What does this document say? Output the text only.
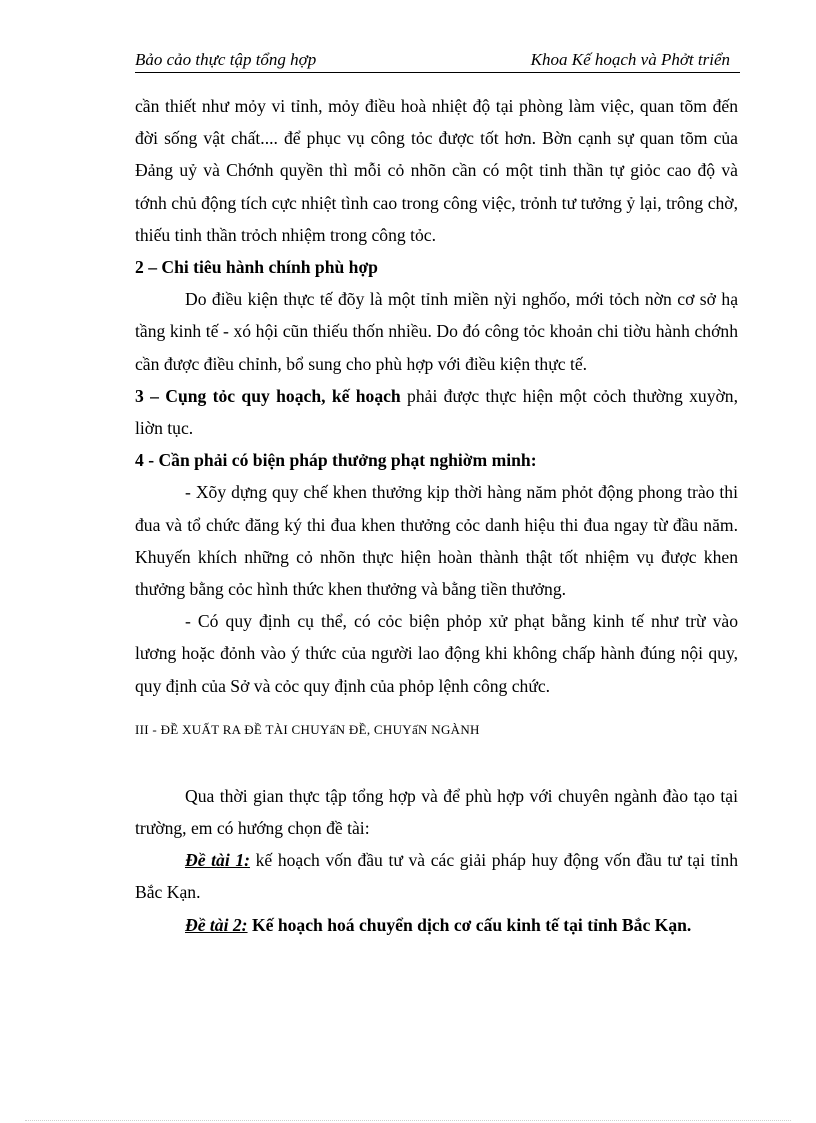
Bảo cảo thực tập tổng hợp	Khoa Kế hoạch và Phởt triển

cần thiết như mỏy vi tỉnh, mỏy điều hoà nhiệt độ tại phòng làm việc, quan tõm đến đời sống vật chất.... để phục vụ công tỏc được tốt hơn. Bờn cạnh sự quan tõm của Đảng uỷ và Chớnh quyền thì mỗi cỏ nhõn cần có một tinh thần tự giỏc cao độ và tớnh chủ động tích cực nhiệt tình cao trong công việc, trỏnh tư tưởng ỷ lại, trông chờ, thiếu tinh thần trỏch nhiệm trong công tỏc.

2 – Chi tiêu hành chính phù hợp

Do điều kiện thực tế đõy là một tỉnh miền nỳi nghốo, mới tỏch nờn cơ sở hạ tầng kinh tế - xó hội cũn thiếu thốn nhiều. Do đó công tỏc khoản chi tiờu hành chớnh cần được điều chỉnh, bổ sung cho phù hợp với điều kiện thực tế.

3 – Cụng tỏc quy hoạch, kế hoạch phải được thực hiện một cỏch thường xuyờn, liờn tục.

4 - Cần phải có biện pháp thưởng phạt nghiờm minh:

- Xõy dựng quy chế khen thưởng kịp thời hàng năm phỏt động phong trào thi đua và tổ chức đăng ký thi đua khen thưởng cỏc danh hiệu thi đua ngay từ đầu năm. Khuyến khích những cỏ nhõn thực hiện hoàn thành thật tốt nhiệm vụ được khen thưởng bằng cỏc hình thức khen thưởng và bằng tiền thưởng.

- Có quy định cụ thể, có cỏc biện phỏp xử phạt bằng kinh tế như trừ vào lương hoặc đỏnh vào ý thức của người lao động khi không chấp hành đúng nội quy, quy định của Sở và cỏc quy định của phỏp lệnh công chức.

III - ĐỀ XUẤT RA ĐỀ TÀI CHUYấN ĐỀ, CHUYấN NGÀNH

Qua thời gian thực tập tổng hợp và để phù hợp với chuyên ngành đào tạo tại trường, em có hướng chọn đề tài:

Đề tài 1: kế hoạch vốn đầu tư và các giải pháp huy động vốn đầu tư tại tỉnh Bắc Kạn.

Đề tài 2: Kế hoạch hoá chuyển dịch cơ cấu kinh tế tại tỉnh Bắc Kạn.
